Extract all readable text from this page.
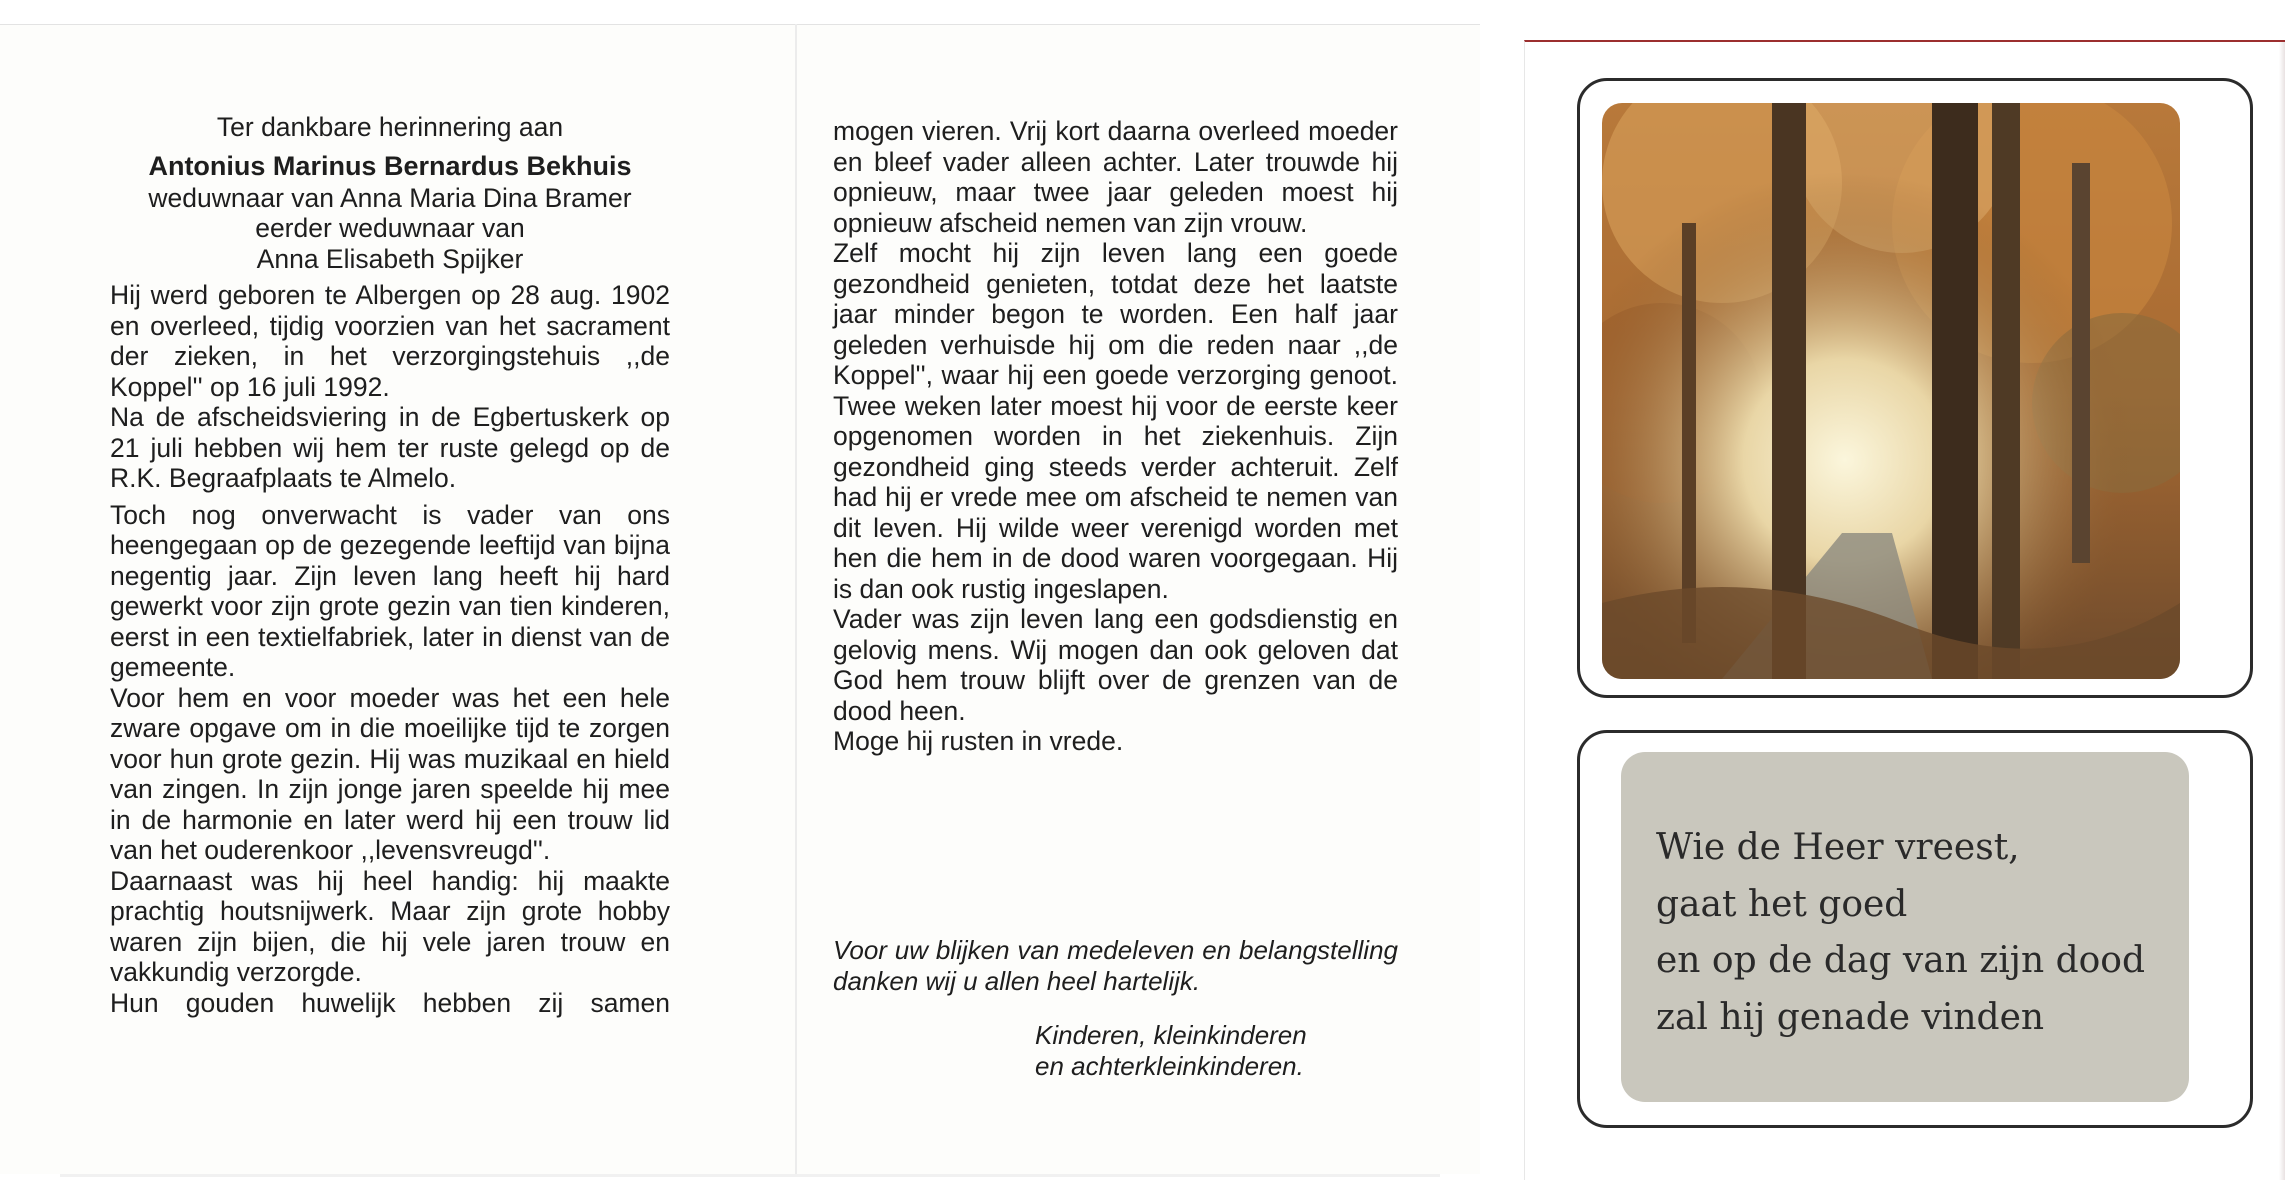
Ter dankbare herinnering aan
Antonius Marinus Bernardus Bekhuis
weduwnaar van Anna Maria Dina Bramer
eerder weduwnaar van
Anna Elisabeth Spijker

Hij werd geboren te Albergen op 28 aug. 1902 en overleed, tijdig voorzien van het sacrament der zieken, in het verzorgingstehuis ,,de Koppel'' op 16 juli 1992.

Na de afscheidsviering in de Egbertuskerk op 21 juli hebben wij hem ter ruste gelegd op de R.K. Begraafplaats te Almelo.

Toch nog onverwacht is vader van ons heengegaan op de gezegende leeftijd van bijna negentig jaar. Zijn leven lang heeft hij hard gewerkt voor zijn grote gezin van tien kinderen, eerst in een textielfabriek, later in dienst van de gemeente.

Voor hem en voor moeder was het een hele zware opgave om in die moeilijke tijd te zorgen voor hun grote gezin. Hij was muzikaal en hield van zingen. In zijn jonge jaren speelde hij mee in de harmonie en later werd hij een trouw lid van het ouderenkoor ,,levensvreugd''.

Daarnaast was hij heel handig: hij maakte prachtig houtsnijwerk. Maar zijn grote hobby waren zijn bijen, die hij vele jaren trouw en vakkundig verzorgde.

Hun gouden huwelijk hebben zij samen

mogen vieren. Vrij kort daarna overleed moeder en bleef vader alleen achter. Later trouwde hij opnieuw, maar twee jaar geleden moest hij opnieuw afscheid nemen van zijn vrouw.

Zelf mocht hij zijn leven lang een goede gezondheid genieten, totdat deze het laatste jaar minder begon te worden. Een half jaar geleden verhuisde hij om die reden naar ,,de Koppel'', waar hij een goede verzorging genoot. Twee weken later moest hij voor de eerste keer opgenomen worden in het ziekenhuis. Zijn gezondheid ging steeds verder achteruit. Zelf had hij er vrede mee om afscheid te nemen van dit leven. Hij wilde weer verenigd worden met hen die hem in de dood waren voorgegaan. Hij is dan ook rustig ingeslapen.

Vader was zijn leven lang een godsdienstig en gelovig mens. Wij mogen dan ook geloven dat God hem trouw blijft over de grenzen van de dood heen.

Moge hij rusten in vrede.

Voor uw blijken van medeleven en belangstelling danken wij u allen heel hartelijk.

Kinderen, kleinkinderen
en achterkleinkinderen.
Wie de Heer vreest,
gaat het goed
en op de dag van zijn dood
zal hij genade vinden
